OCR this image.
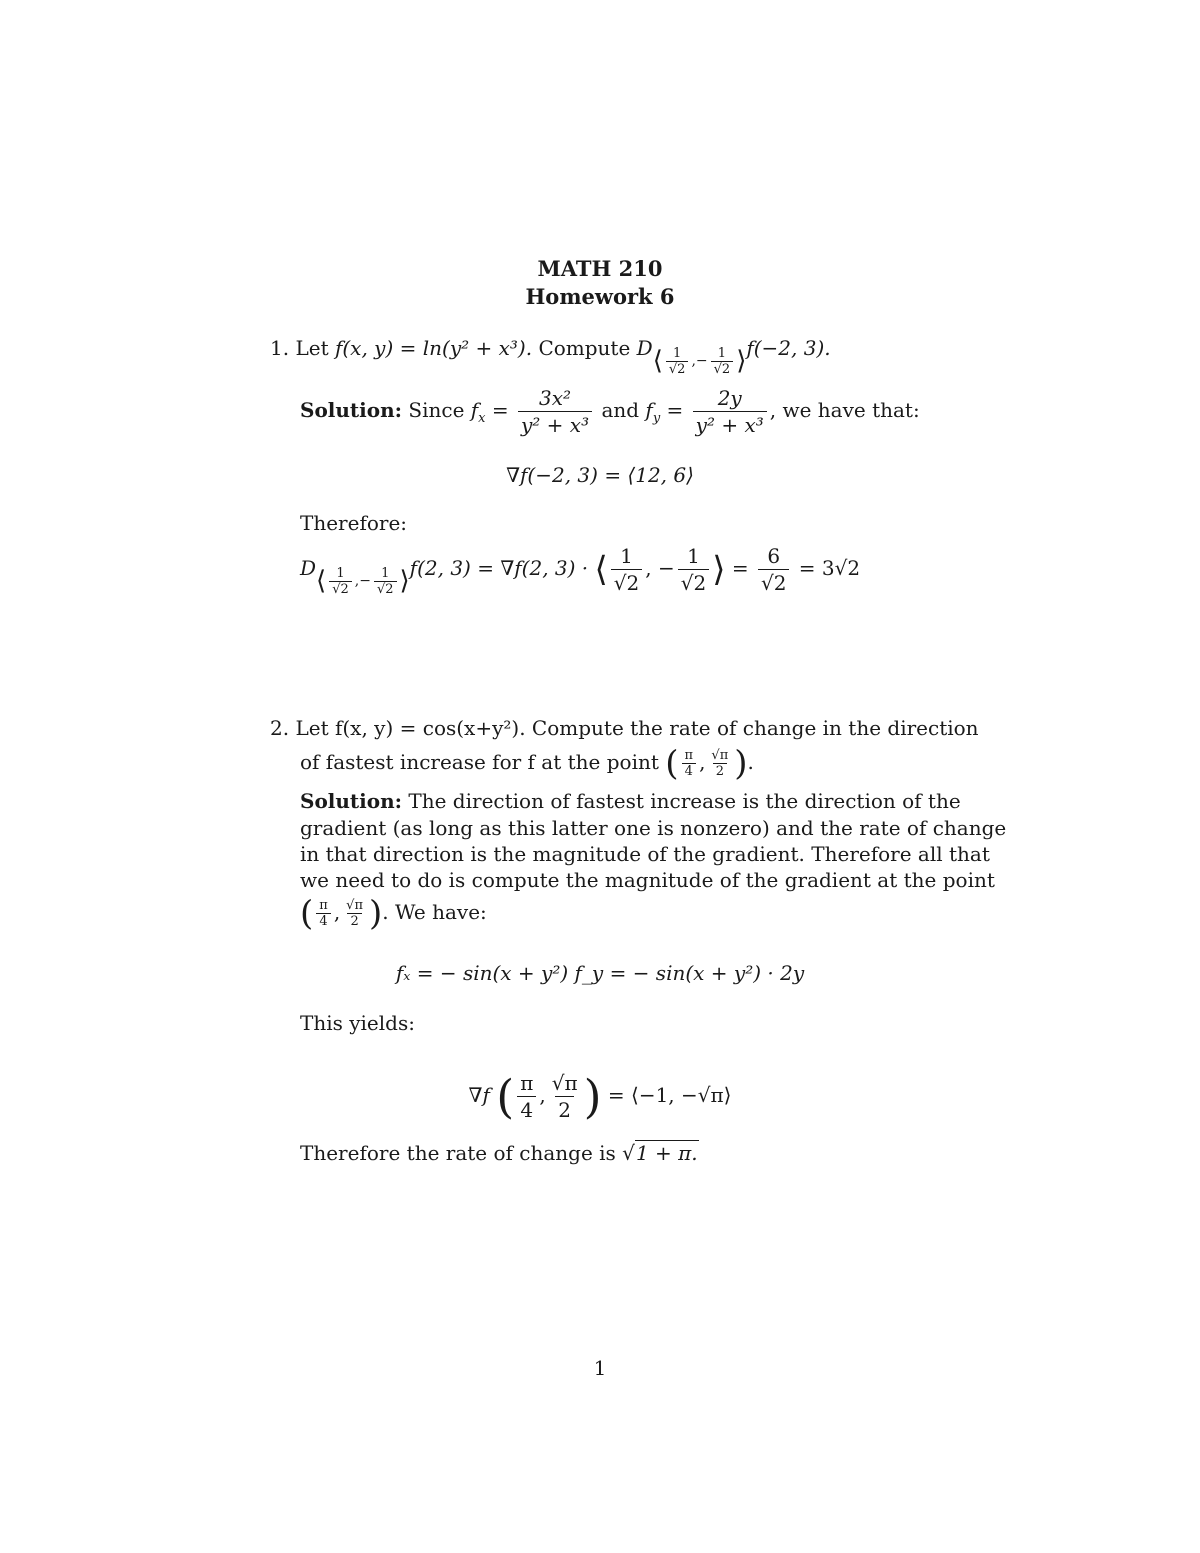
MATH 210
Homework 6
1. Let f(x, y) = ln(y² + x³). Compute D ⟨ $\frac{1}{√2}$ ,− $\frac{1}{√2}$ ⟩ f(−2, 3).
Solution: Since $f_x = \frac{\text{3x²}}{\text{y² + x³}}$ and $f_y = \frac{2y}{\text{y² + x³}}$ , we have that:
∇f(−2, 3) = ⟨12, 6⟩
Therefore:
D ⟨ $\frac{1}{√2}$ ,− $\frac{1}{√2}$ ⟩ f(2, 3) = ∇f(2, 3) · ⟨ $\frac{1}{√2}$ , − $\frac{1}{√2}$ ⟩ = $\frac{6}{√2} = 3√2$
2. Let f(x, y) = cos(x+y²). Compute the rate of change in the direction
of fastest increase for f at the point ( $\frac{\pi}{4}$ , $\frac{√\pi}{2}$ ).
Solution: The direction of fastest increase is the direction of the
gradient (as long as this latter one is nonzero) and the rate of change
in that direction is the magnitude of the gradient. Therefore all that
we need to do is compute the magnitude of the gradient at the point
( $\frac{\pi}{4}$ , $\frac{√\pi}{2}$ ). We have:
fₓ = − sin(x + y²) f_y = − sin(x + y²) · 2y
This yields:
∇f ( $\frac{\pi}{4}$ , $\frac{√\pi}{2}$ ) = ⟨−1, −√π⟩
Therefore the rate of change is √1 + π.
1
